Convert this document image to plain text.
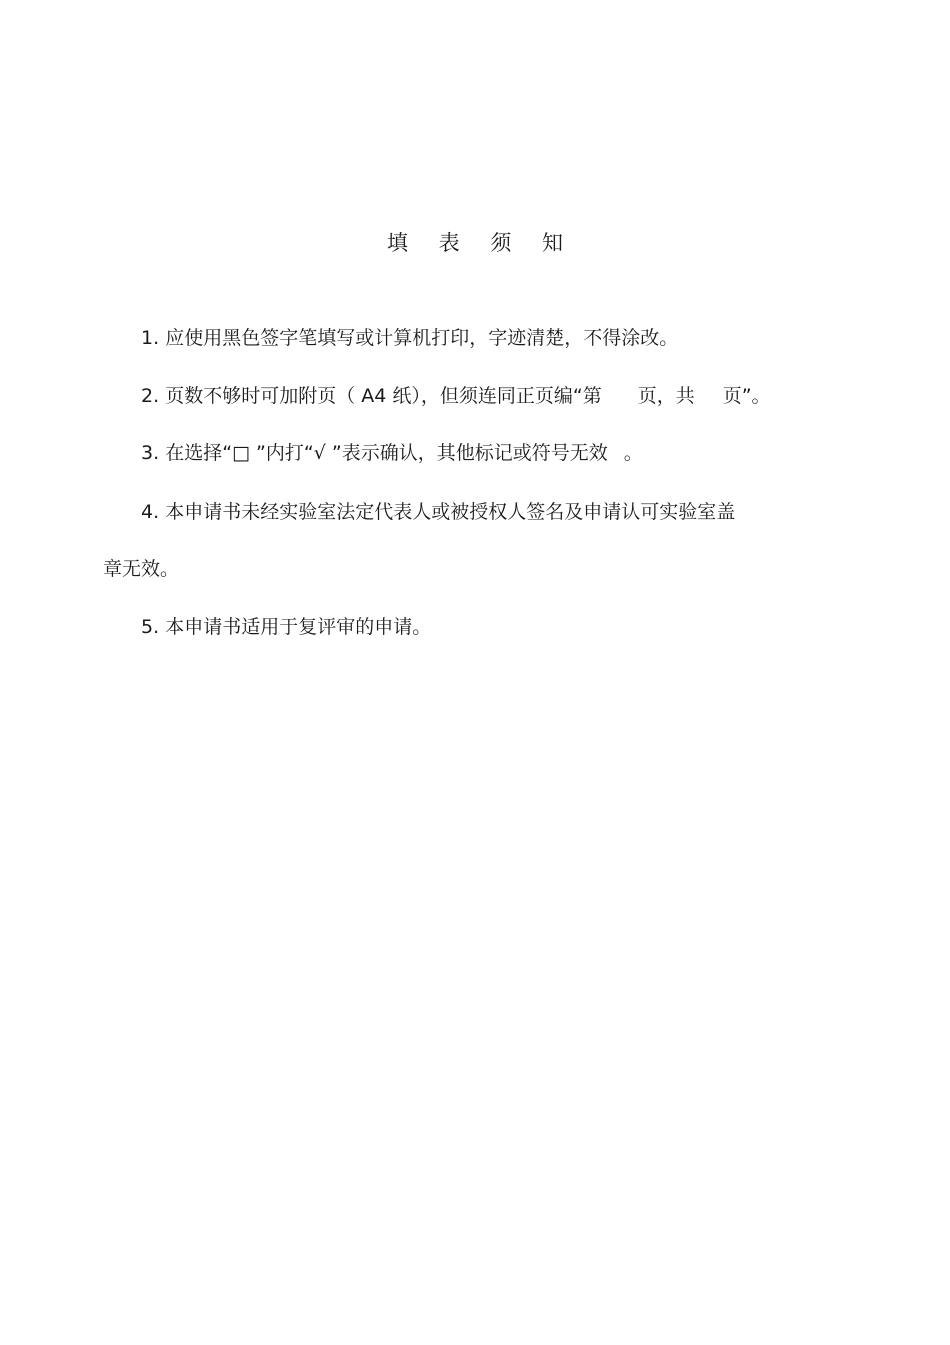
填 表 须 知
1. 应使用黑色签字笔填写或计算机打印，字迹清楚，不得涂改。
2. 页数不够时可加附页（ A4 纸），但须连同正页编“第 页，共 页”。
3. 在选择“□ ”内打“√ ”表示确认，其他标记或符号无效 。
4. 本申请书未经实验室法定代表人或被授权人签名及申请认可实验室盖
章无效。
5. 本申请书适用于复评审的申请。
